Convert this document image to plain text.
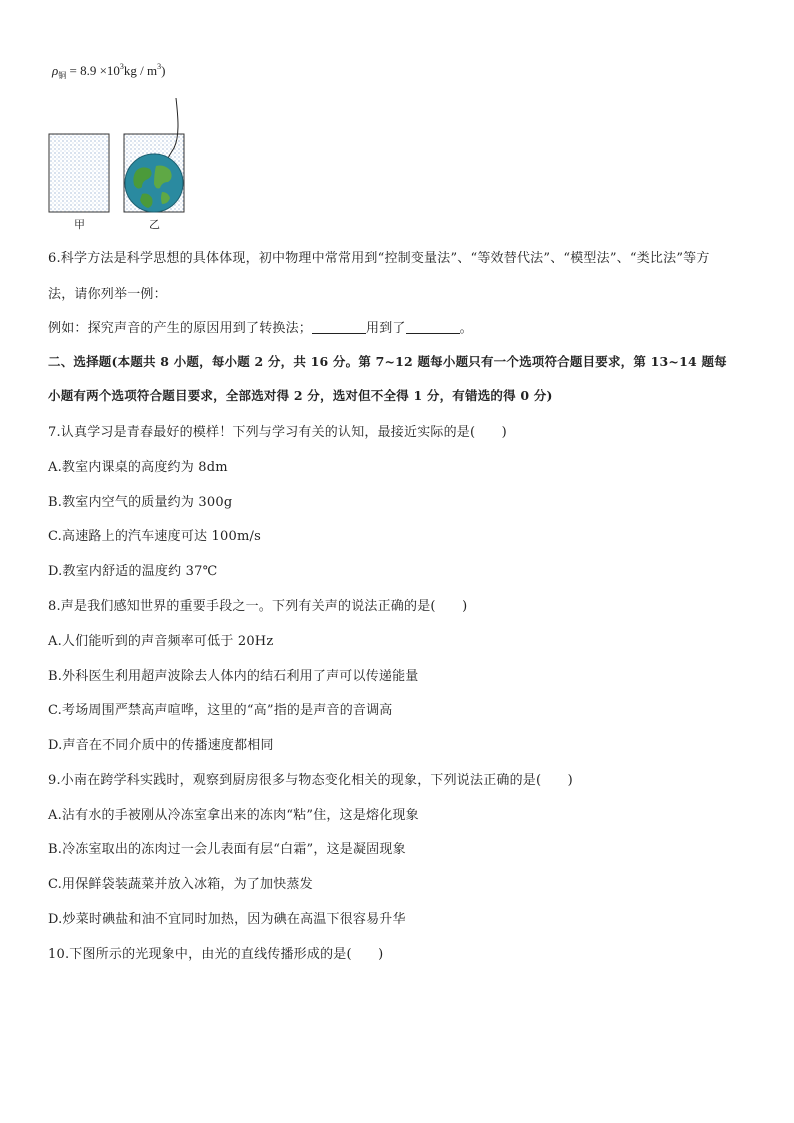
$\rho_铜 = 8.9 \times 10^3kg / m^3$)
甲	乙
6.科学方法是科学思想的具体体现，初中物理中常常用到“控制变量法”、“等效替代法”、“模型法”、“类比法”等方
法，请你列举一例：
例如：探究声音的产生的原因用到了转换法；	用到了	。
二、选择题(本题共 8 小题，每小题 2 分，共 16 分。第 7~12 题每小题只有一个选项符合题目要求，第 13~14 题每
小题有两个选项符合题目要求，全部选对得 2 分，选对但不全得 1 分，有错选的得 0 分)
7.认真学习是青春最好的模样！下列与学习有关的认知，最接近实际的是(　　)
A.教室内课桌的高度约为 8dm
B.教室内空气的质量约为 300g
C.高速路上的汽车速度可达 100m/s
D.教室内舒适的温度约 37℃
8.声是我们感知世界的重要手段之一。下列有关声的说法正确的是(　　)
A.人们能听到的声音频率可低于 20Hz
B.外科医生利用超声波除去人体内的结石利用了声可以传递能量
C.考场周围严禁高声喧哗，这里的“高”指的是声音的音调高
D.声音在不同介质中的传播速度都相同
9.小南在跨学科实践时，观察到厨房很多与物态变化相关的现象，下列说法正确的是(　　)
A.沾有水的手被刚从冷冻室拿出来的冻肉“粘”住，这是熔化现象
B.冷冻室取出的冻肉过一会儿表面有层“白霜”，这是凝固现象
C.用保鲜袋装蔬菜并放入冰箱，为了加快蒸发
D.炒菜时碘盐和油不宜同时加热，因为碘在高温下很容易升华
10.下图所示的光现象中，由光的直线传播形成的是(　　)
